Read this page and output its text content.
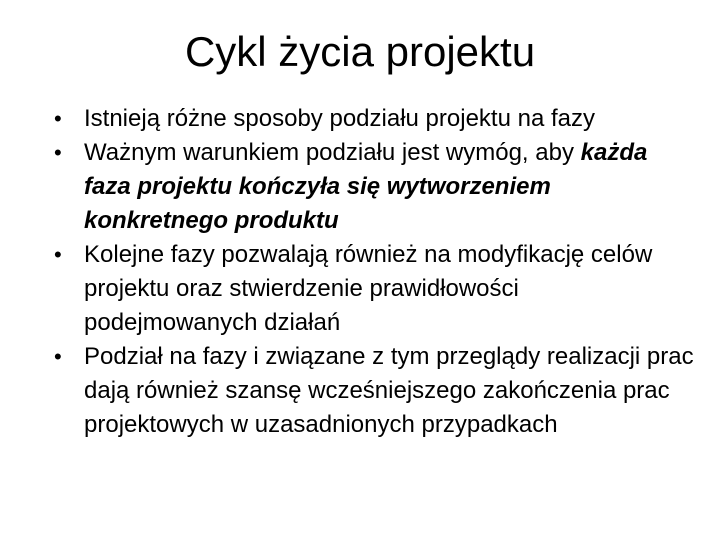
Cykl życia projektu
• Istnieją różne sposoby podziału projektu na fazy
• Ważnym warunkiem podziału jest wymóg, aby każda faza projektu kończyła się wytworzeniem konkretnego produktu
• Kolejne fazy pozwalają również na modyfikację celów projektu oraz stwierdzenie prawidłowości podejmowanych działań
• Podział na fazy i związane z tym przeglądy realizacji prac dają również szansę wcześniejszego zakończenia prac projektowych w uzasadnionych przypadkach
